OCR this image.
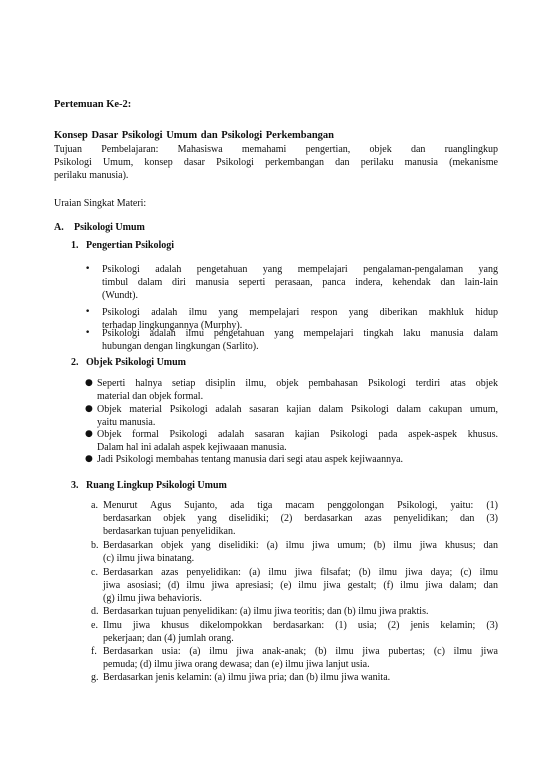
Pertemuan Ke-2:
Konsep Dasar Psikologi Umum dan Psikologi Perkembangan
Tujuan Pembelajaran: Mahasiswa memahami pengertian, objek dan ruanglingkup
Psikologi Umum, konsep dasar Psikologi perkembangan dan perilaku manusia (mekanisme
perilaku manusia).
Uraian Singkat Materi:
A. Psikologi Umum
1. Pengertian Psikologi
•	Psikologi adalah pengetahuan yang mempelajari pengalaman-pengalaman yang
timbul dalam diri manusia seperti perasaan, panca indera, kehendak dan lain-lain
(Wundt).
•	Psikologi adalah ilmu yang mempelajari respon yang diberikan makhluk hidup
terhadap lingkungannya (Murphy).
•	Psikologi adalah ilmu pengetahuan yang mempelajari tingkah laku manusia dalam
hubungan dengan lingkungan (Sarlito).
2. Objek Psikologi Umum
● Seperti halnya setiap disiplin ilmu, objek pembahasan Psikologi terdiri atas objek
material dan objek formal.
● Objek material Psikologi adalah sasaran kajian dalam Psikologi dalam cakupan umum,
yaitu manusia.
● Objek formal Psikologi adalah sasaran kajian Psikologi pada aspek-aspek khusus.
Dalam hal ini adalah aspek kejiwaaan manusia.
● Jadi Psikologi membahas tentang manusia dari segi atau aspek kejiwaannya.
3. Ruang Lingkup Psikologi Umum
a. Menurut Agus Sujanto, ada tiga macam penggolongan Psikologi, yaitu: (1)
berdasarkan objek yang diselidiki; (2) berdasarkan azas penyelidikan; dan (3)
berdasarkan tujuan penyelidikan.
b. Berdasarkan objek yang diselidiki: (a) ilmu jiwa umum; (b) ilmu jiwa khusus; dan
(c) ilmu jiwa binatang.
c. Berdasarkan azas penyelidikan: (a) ilmu jiwa filsafat; (b) ilmu jiwa daya; (c) ilmu
jiwa asosiasi; (d) ilmu jiwa apresiasi; (e) ilmu jiwa gestalt; (f) ilmu jiwa dalam; dan
(g) ilmu jiwa behavioris.
d. Berdasarkan tujuan penyelidikan: (a) ilmu jiwa teoritis; dan (b) ilmu jiwa praktis.
e. Ilmu jiwa khusus dikelompokkan berdasarkan: (1) usia; (2) jenis kelamin; (3)
pekerjaan; dan (4) jumlah orang.
f. Berdasarkan usia: (a) ilmu jiwa anak-anak; (b) ilmu jiwa pubertas; (c) ilmu jiwa
pemuda; (d) ilmu jiwa orang dewasa; dan (e) ilmu jiwa lanjut usia.
g. Berdasarkan jenis kelamin: (a) ilmu jiwa pria; dan (b) ilmu jiwa wanita.
